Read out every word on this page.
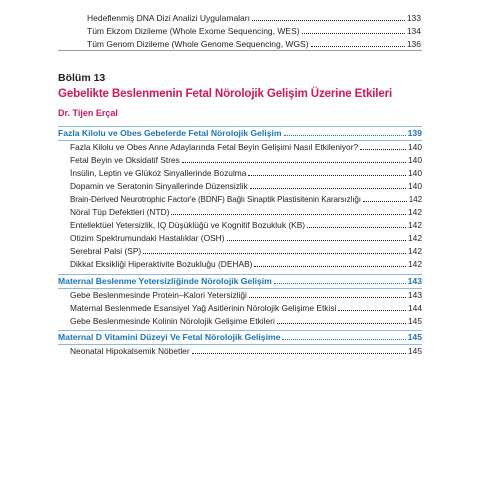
Hedeflenmiş DNA Dizi Analizi Uygulamaları	133
Tüm Ekzom Dizileme (Whole Exome Sequencing, WES)	134
Tüm Genom Dizileme (Whole Genome Sequencing, WGS)	136
Bölüm 13
Gebelikte Beslenmenin Fetal Nörolojik Gelişim Üzerine Etkileri
Dr. Tijen Erçal
Fazla Kilolu ve Obes Gebelerde Fetal Nörolojik Gelişim	139
Fazla Kilolu ve Obes Anne Adaylarında Fetal Beyin Gelişimi Nasıl Etkileniyor?	140
Fetal Beyin ve Oksidatif Stres	140
İnsülin, Leptin ve Glükoz Sinyallerinde Bozulma	140
Dopamin ve Seratonin Sinyallerinde Düzensizlik	140
Brain-Derived Neurotrophic Factor'e (BDNF) Bağlı Sinaptik Plastisitenin Kararsızlığı	142
Nöral Tüp Defektleri (NTD)	142
Entellektüel Yetersizlik, IQ Düşüklüğü ve Kognitif Bozukluk (KB)	142
Otizim Spektrumundaki Hastalıklar (OSH)	142
Serebral Palsi (SP)	142
Dikkat Eksikliği Hiperaktivite Bozukluğu (DEHAB)	142
Maternal Beslenme Yetersizliğinde Nörolojik Gelişim	143
Gebe Beslenmesinde Protein–Kalori Yetersizliği	143
Maternal Beslenmede Esansiyel Yağ Asitlerinin Nörolojik Gelişime Etkisi	144
Gebe Beslenmesinde Kolinin Nörolojik Gelişime Etkileri	145
Maternal D Vitamini Düzeyi Ve Fetal Nörolojik Gelişime	145
Neonatal Hipokalsemik Nöbetler	145
